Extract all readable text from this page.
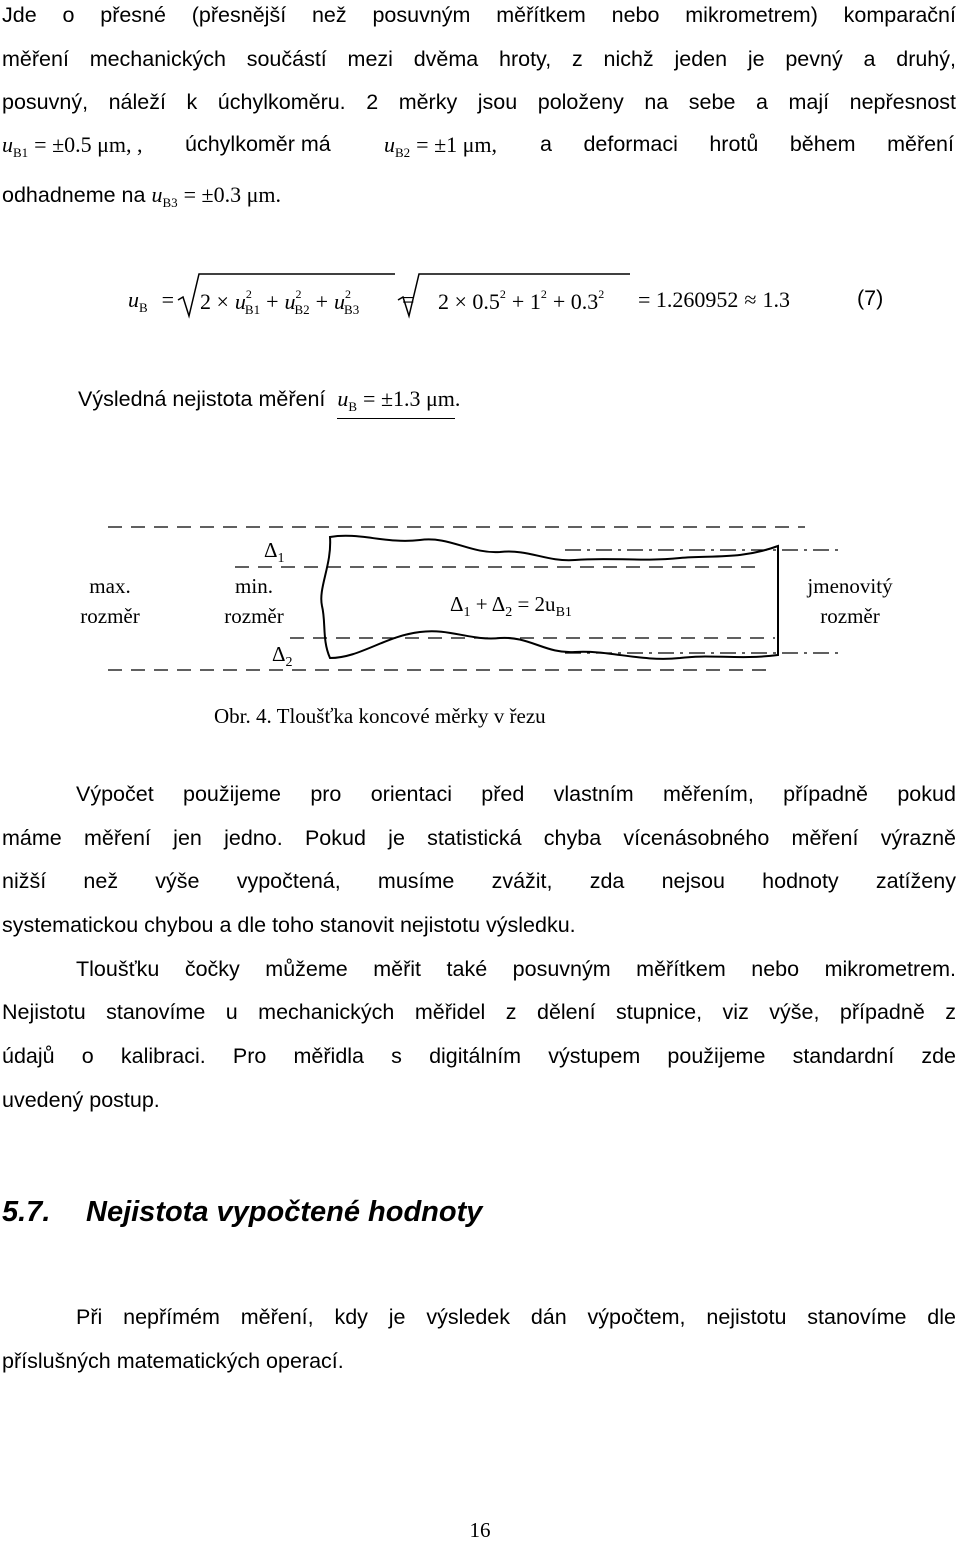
Jde o přesné (přesnější než posuvným měřítkem nebo mikrometrem) komparační
měření mechanických součástí mezi dvěma hroty, z nichž jeden je pevný a druhý,
posuvný, náleží k úchylkoměru. 2 měrky jsou položeny na sebe a mají nepřesnost
$u_{B1} = \pm 0.5$ μm, , úchylkoměr má $u_{B2} = \pm 1$ μm, a deformaci hrotů během měření
odhadneme na $u_{B3} = \pm 0.3$ μm.
$u_B = 2 \times u^2_{B1} + u^2_{B2} + u^2_{B3} = 2 \times 0.5^2 + 1^2 + 0.3^2 = 1.260952 \approx 1.3$	(7)
Výsledná nejistota měření $u_B = \pm 1.3$ μm.
$\Delta_1$
$\Delta_2$
max.
rozměr
min.
rozměr
jmenovitý
rozměr
$\Delta_1 + \Delta_2 = 2u_{B1}$
Obr. 4. Tloušťka koncové měrky v řezu
Výpočet použijeme pro orientaci před vlastním měřením, případně pokud
máme měření jen jedno. Pokud je statistická chyba vícenásobného měření výrazně
nižší než výše vypočtená, musíme zvážit, zda nejsou hodnoty zatíženy
systematickou chybou a dle toho stanovit nejistotu výsledku.
Tloušťku čočky můžeme měřit také posuvným měřítkem nebo mikrometrem.
Nejistotu stanovíme u mechanických měřidel z dělení stupnice, viz výše, případně z
údajů o kalibraci. Pro měřidla s digitálním výstupem použijeme standardní zde
uvedený postup.
5.7. Nejistota vypočtené hodnoty
Při nepřímém měření, kdy je výsledek dán výpočtem, nejistotu stanovíme dle
příslušných matematických operací.
16
